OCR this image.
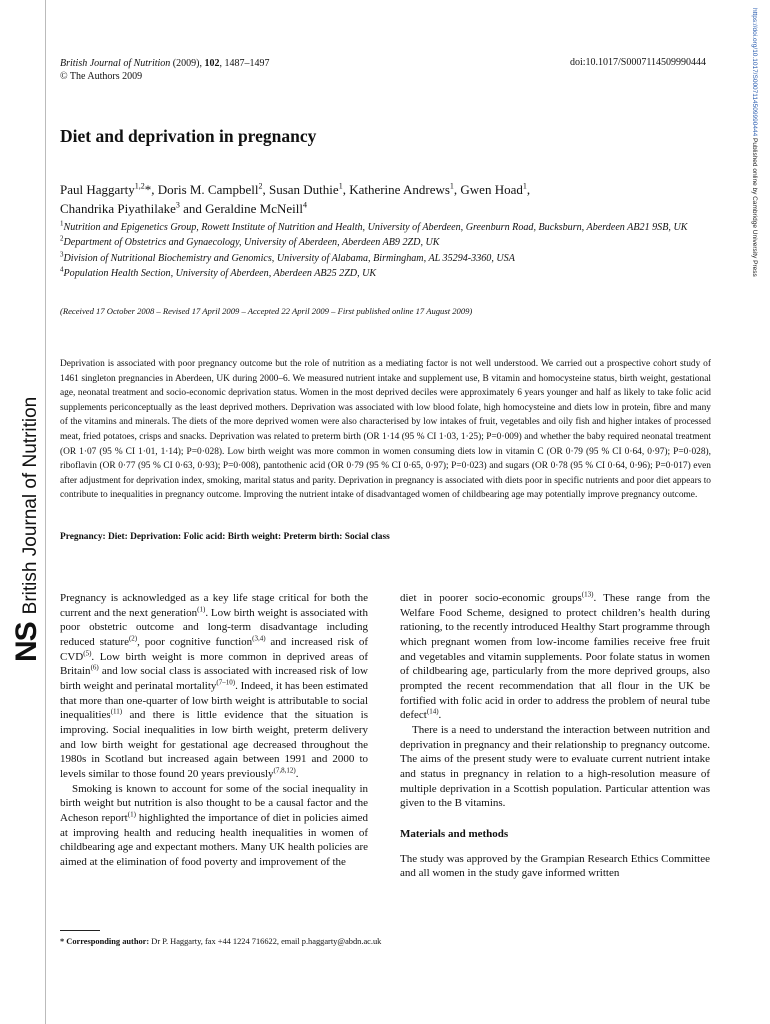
https://doi.org/10.1017/S0007114509990444 Published online by Cambridge University Press
NSBritish Journal of Nutrition
British Journal of Nutrition (2009), 102, 1487–1497
© The Authors 2009
doi:10.1017/S0007114509990444
Diet and deprivation in pregnancy
Paul Haggarty$^{1,2}$*, Doris M. Campbell$^2$, Susan Duthie$^1$, Katherine Andrews$^1$, Gwen Hoad$^1$,
Chandrika Piyathilake$^3$ and Geraldine McNeill$^4$
$^1$Nutrition and Epigenetics Group, Rowett Institute of Nutrition and Health, University of Aberdeen, Greenburn Road, Bucksburn, Aberdeen AB21 9SB, UK
$^2$Department of Obstetrics and Gynaecology, University of Aberdeen, Aberdeen AB9 2ZD, UK
$^3$Division of Nutritional Biochemistry and Genomics, University of Alabama, Birmingham, AL 35294-3360, USA
$^4$Population Health Section, University of Aberdeen, Aberdeen AB25 2ZD, UK
(Received 17 October 2008 – Revised 17 April 2009 – Accepted 22 April 2009 – First published online 17 August 2009)
Deprivation is associated with poor pregnancy outcome but the role of nutrition as a mediating factor is not well understood. We carried out a prospective cohort study of 1461 singleton pregnancies in Aberdeen, UK during 2000–6. We measured nutrient intake and supplement use, B vitamin and homocysteine status, birth weight, gestational age, neonatal treatment and socio-economic deprivation status. Women in the most deprived deciles were approximately 6 years younger and half as likely to take folic acid supplements periconceptually as the least deprived mothers. Deprivation was associated with low blood folate, high homocysteine and diets low in protein, fibre and many of the vitamins and minerals. The diets of the more deprived women were also characterised by low intakes of fruit, vegetables and oily fish and higher intakes of processed meat, fried potatoes, crisps and snacks. Deprivation was related to preterm birth (OR 1·14 (95 % CI 1·03, 1·25); P=0·009) and whether the baby required neonatal treatment (OR 1·07 (95 % CI 1·01, 1·14); P=0·028). Low birth weight was more common in women consuming diets low in vitamin C (OR 0·79 (95 % CI 0·64, 0·97); P=0·028), riboflavin (OR 0·77 (95 % CI 0·63, 0·93); P=0·008), pantothenic acid (OR 0·79 (95 % CI 0·65, 0·97); P=0·023) and sugars (OR 0·78 (95 % CI 0·64, 0·96); P=0·017) even after adjustment for deprivation index, smoking, marital status and parity. Deprivation in pregnancy is associated with diets poor in specific nutrients and poor diet appears to contribute to inequalities in pregnancy outcome. Improving the nutrient intake of disadvantaged women of childbearing age may potentially improve pregnancy outcome.
Pregnancy: Diet: Deprivation: Folic acid: Birth weight: Preterm birth: Social class

Pregnancy is acknowledged as a key life stage critical for both the current and the next generation$^{(1)}$. Low birth weight is associated with poor obstetric outcome and long-term disadvantage including reduced stature$^{(2)}$, poor cognitive function$^{(3,4)}$ and increased risk of CVD$^{(5)}$. Low birth weight is more common in deprived areas of Britain$^{(6)}$ and low social class is associated with increased risk of low birth weight and perinatal mortality$^{(7-10)}$. Indeed, it has been estimated that more than one-quarter of low birth weight is attributable to social inequalities$^{(11)}$ and there is little evidence that the situation is improving. Social inequalities in low birth weight, preterm delivery and low birth weight for gestational age decreased throughout the 1980s in Scotland but increased again between 1991 and 2000 to levels similar to those found 20 years previously$^{(7,8,12)}$.

Smoking is known to account for some of the social inequality in birth weight but nutrition is also thought to be a causal factor and the Acheson report$^{(1)}$ highlighted the importance of diet in policies aimed at improving health and reducing health inequalities in women of childbearing age and expectant mothers. Many UK health policies are aimed at the elimination of food poverty and improvement of the

diet in poorer socio-economic groups$^{(13)}$. These range from the Welfare Food Scheme, designed to protect children’s health during rationing, to the recently introduced Healthy Start programme through which pregnant women from low-income families receive free fruit and vegetables and vitamin supplements. Poor folate status in women of childbearing age, particularly from the more deprived groups, also prompted the recent recommendation that all flour in the UK be fortified with folic acid in order to address the problem of neural tube defect$^{(14)}$.

There is a need to understand the interaction between nutrition and deprivation in pregnancy and their relationship to pregnancy outcome. The aims of the present study were to evaluate current nutrient intake and status in pregnancy in relation to a high-resolution measure of multiple deprivation in a Scottish population. Particular attention was given to the B vitamins.

Materials and methods

The study was approved by the Grampian Research Ethics Committee and all women in the study gave informed written

* Corresponding author: Dr P. Haggarty, fax +44 1224 716622, email p.haggarty@abdn.ac.uk
